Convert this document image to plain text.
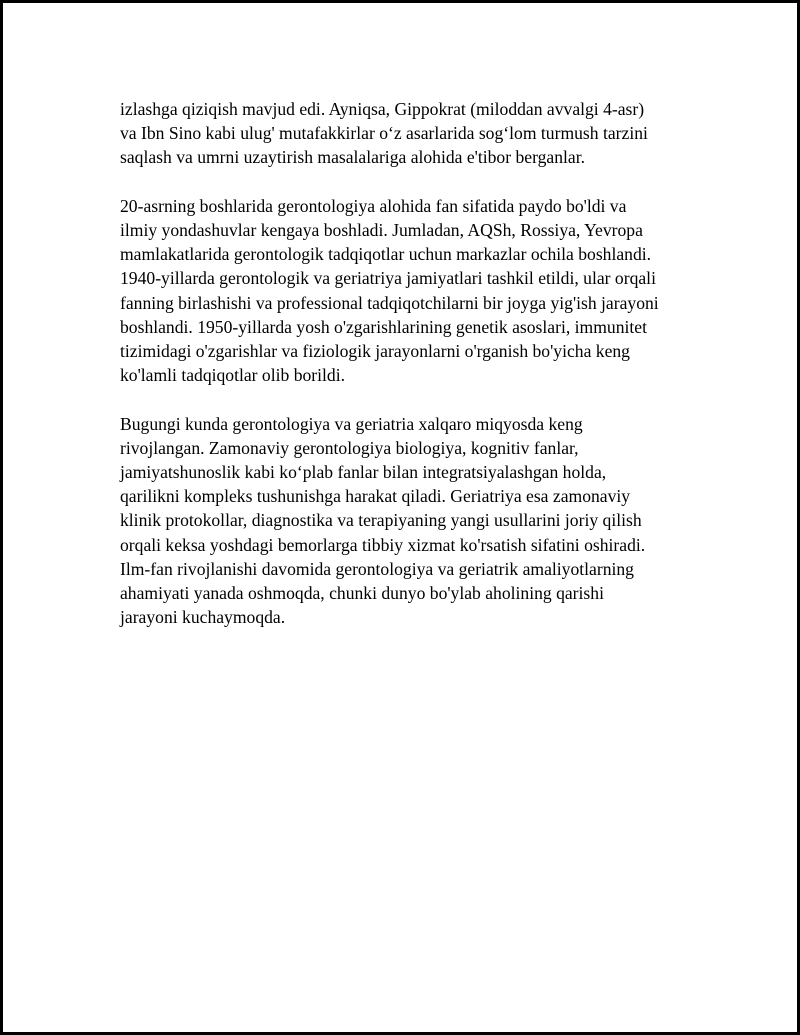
izlashga qiziqish mavjud edi. Ayniqsa, Gippokrat (miloddan avvalgi 4-asr)
va Ibn Sino kabi ulug' mutafakkirlar o‘z asarlarida sog‘lom turmush tarzini
saqlash va umrni uzaytirish masalalariga alohida e'tibor berganlar.

20-asrning boshlarida gerontologiya alohida fan sifatida paydo bo'ldi va
ilmiy yondashuvlar kengaya boshladi. Jumladan, AQSh, Rossiya, Yevropa
mamlakatlarida gerontologik tadqiqotlar uchun markazlar ochila boshlandi.
1940-yillarda gerontologik va geriatriya jamiyatlari tashkil etildi, ular orqali
fanning birlashishi va professional tadqiqotchilarni bir joyga yig'ish jarayoni
boshlandi. 1950-yillarda yosh o'zgarishlarining genetik asoslari, immunitet
tizimidagi o'zgarishlar va fiziologik jarayonlarni o'rganish bo'yicha keng
ko'lamli tadqiqotlar olib borildi.

Bugungi kunda gerontologiya va geriatria xalqaro miqyosda keng
rivojlangan. Zamonaviy gerontologiya biologiya, kognitiv fanlar,
jamiyatshunoslik kabi ko‘plab fanlar bilan integratsiyalashgan holda,
qarilikni kompleks tushunishga harakat qiladi. Geriatriya esa zamonaviy
klinik protokollar, diagnostika va terapiyaning yangi usullarini joriy qilish
orqali keksa yoshdagi bemorlarga tibbiy xizmat ko'rsatish sifatini oshiradi.
Ilm-fan rivojlanishi davomida gerontologiya va geriatrik amaliyotlarning
ahamiyati yanada oshmoqda, chunki dunyo bo'ylab aholining qarishi
jarayoni kuchaymoqda.
